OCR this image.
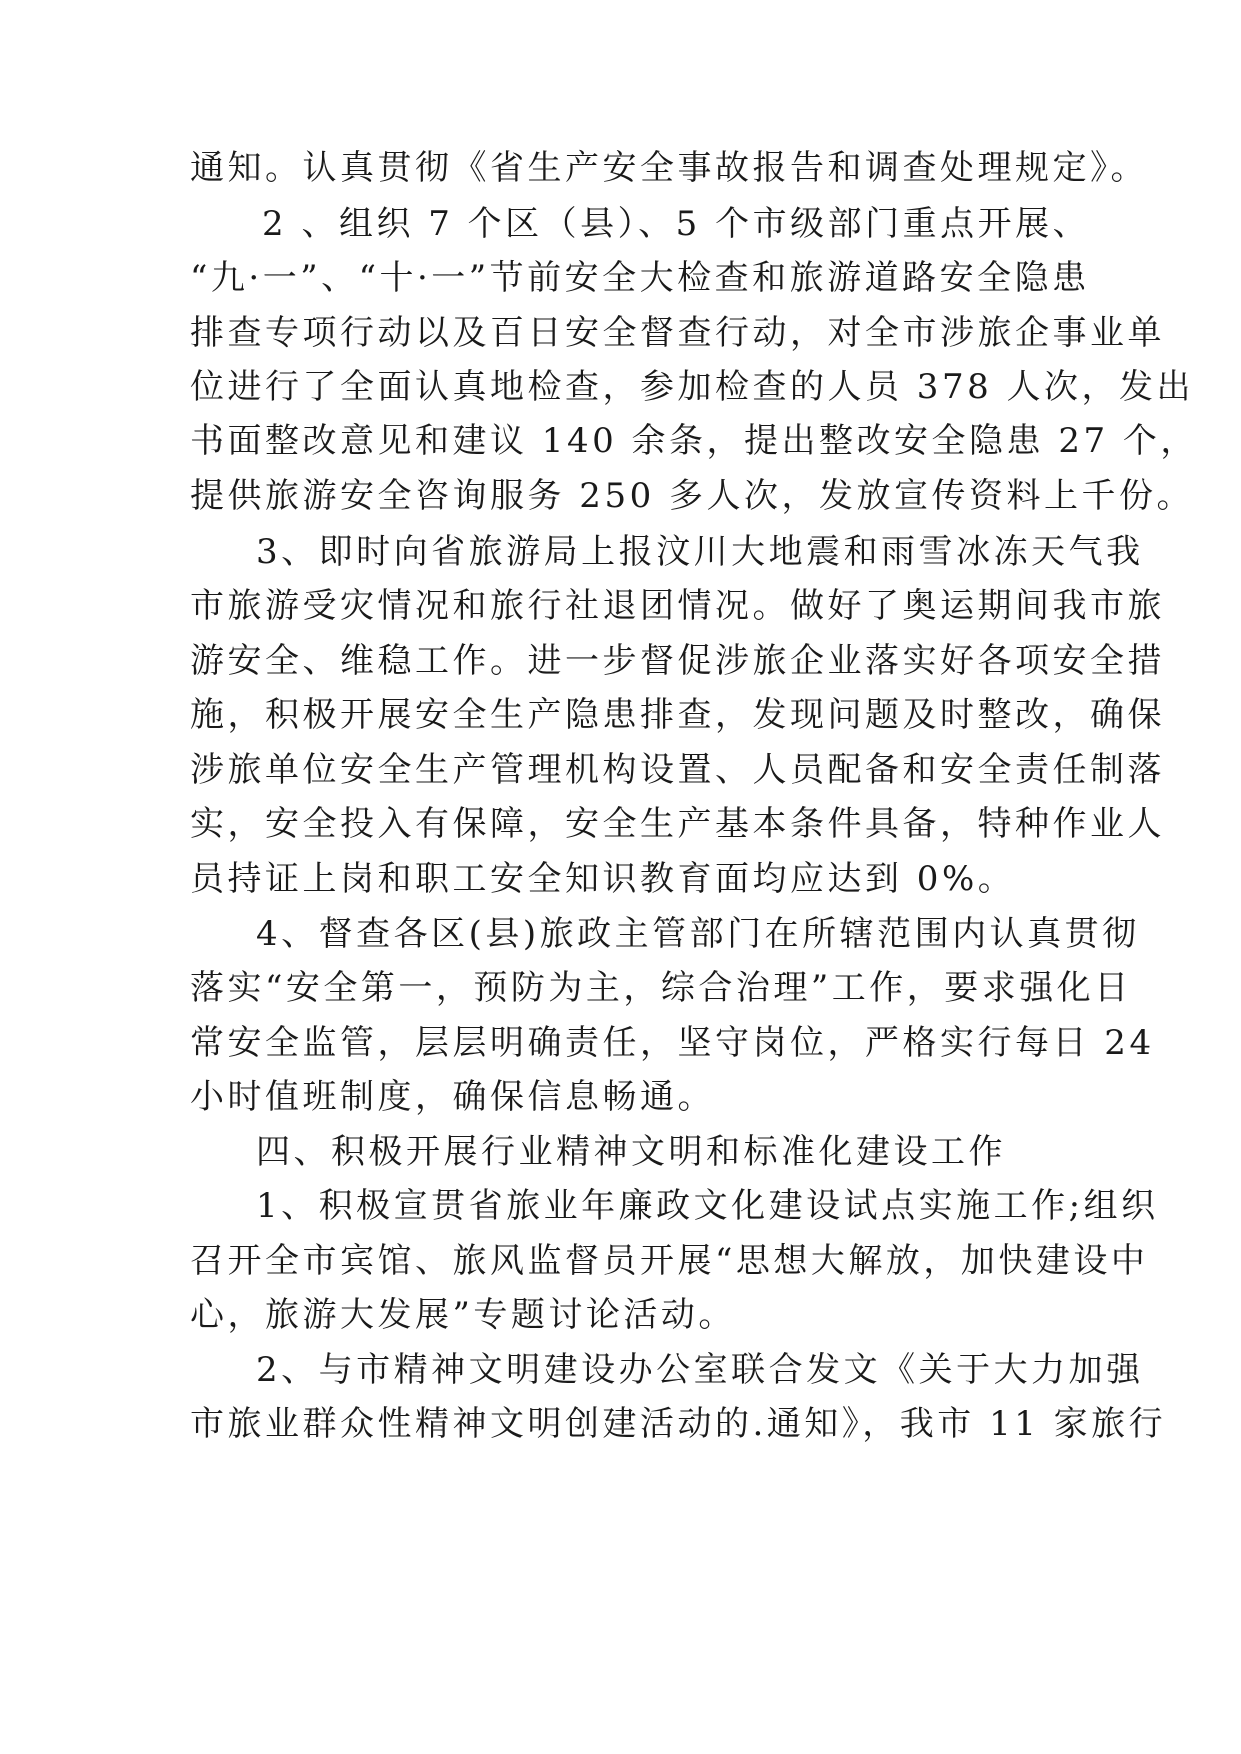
通知。认真贯彻《省生产安全事故报告和调查处理规定》。
2 、组织 7 个区（县）、5 个市级部门重点开展、
“九·一”、“十·一”节前安全大检查和旅游道路安全隐患
排查专项行动以及百日安全督查行动，对全市涉旅企事业单
位进行了全面认真地检查，参加检查的人员 378 人次，发出
书面整改意见和建议 140 余条，提出整改安全隐患 27 个，
提供旅游安全咨询服务 250 多人次，发放宣传资料上千份。
3、即时向省旅游局上报汶川大地震和雨雪冰冻天气我
市旅游受灾情况和旅行社退团情况。做好了奥运期间我市旅
游安全、维稳工作。进一步督促涉旅企业落实好各项安全措
施，积极开展安全生产隐患排查，发现问题及时整改，确保
涉旅单位安全生产管理机构设置、人员配备和安全责任制落
实，安全投入有保障，安全生产基本条件具备，特种作业人
员持证上岗和职工安全知识教育面均应达到 0%。
4、督查各区(县)旅政主管部门在所辖范围内认真贯彻
落实“安全第一，预防为主，综合治理”工作，要求强化日
常安全监管，层层明确责任，坚守岗位，严格实行每日 24
小时值班制度，确保信息畅通。
四、积极开展行业精神文明和标准化建设工作
1、积极宣贯省旅业年廉政文化建设试点实施工作;组织
召开全市宾馆、旅风监督员开展“思想大解放，加快建设中
心，旅游大发展”专题讨论活动。
2、与市精神文明建设办公室联合发文《关于大力加强
市旅业群众性精神文明创建活动的.通知》，我市 11 家旅行
